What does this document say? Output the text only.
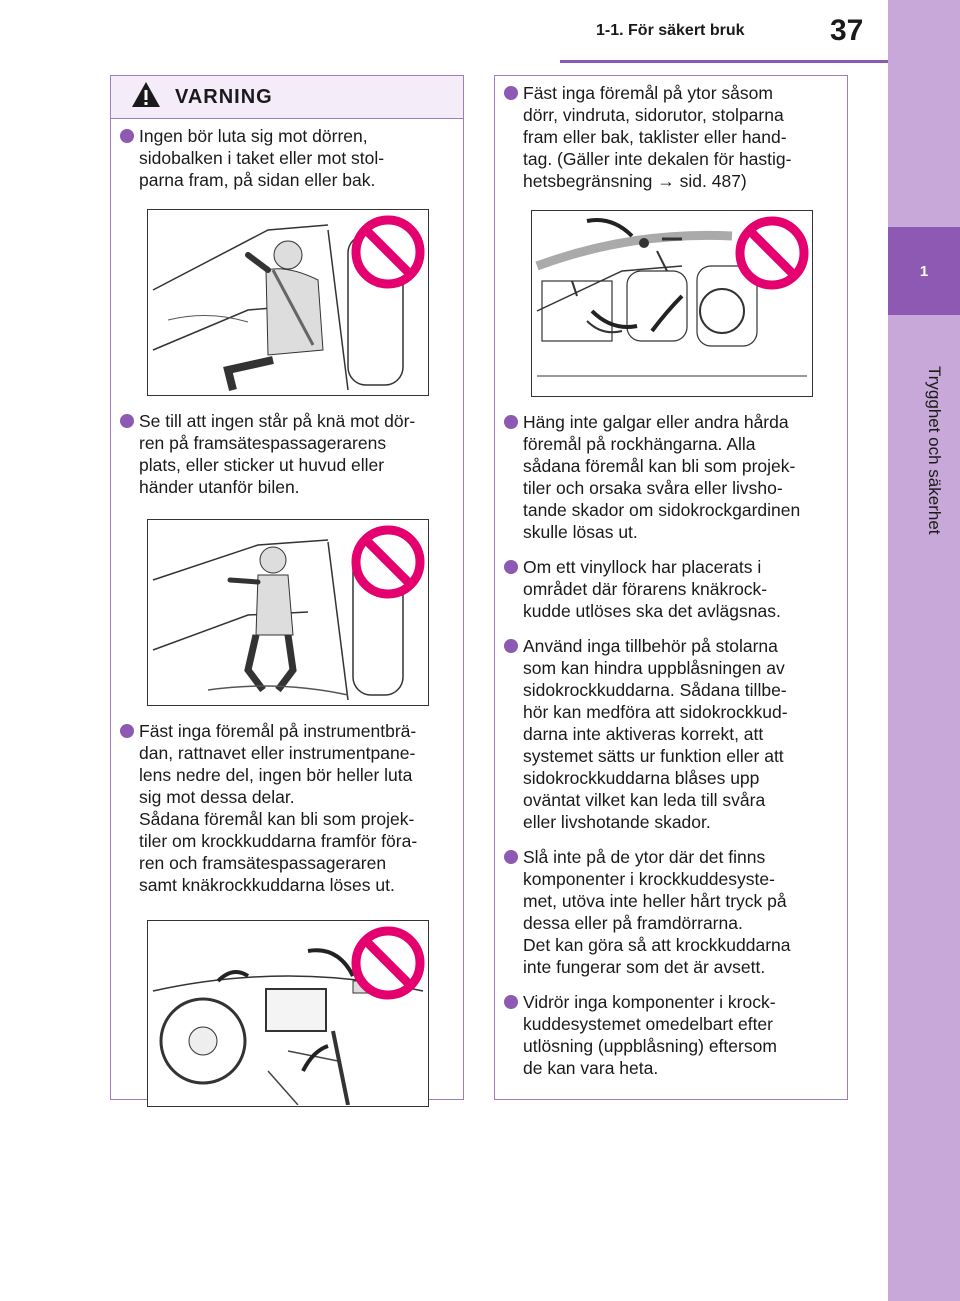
1
Trygghet och säkerhet
1-1. För säkert bruk	37
VARNING
Ingen bör luta sig mot dörren,
sidobalken i taket eller mot stol-
parna fram, på sidan eller bak.
Se till att ingen står på knä mot dör-
ren på framsätespassagerarens
plats, eller sticker ut huvud eller
händer utanför bilen.
Fäst inga föremål på instrumentbrä-
dan, rattnavet eller instrumentpane-
lens nedre del, ingen bör heller luta
sig mot dessa delar.
Sådana föremål kan bli som projek-
tiler om krockkuddarna framför föra-
ren och framsätespassageraren
samt knäkrockkuddarna löses ut.
Fäst inga föremål på ytor såsom
dörr, vindruta, sidorutor, stolparna
fram eller bak, taklister eller hand-
tag. (Gäller inte dekalen för hastig-
hetsbegränsning → sid. 487)
Häng inte galgar eller andra hårda
föremål på rockhängarna. Alla
sådana föremål kan bli som projek-
tiler och orsaka svåra eller livsho-
tande skador om sidokrockgardinen
skulle lösas ut.
Om ett vinyllock har placerats i
området där förarens knäkrock-
kudde utlöses ska det avlägsnas.
Använd inga tillbehör på stolarna
som kan hindra uppblåsningen av
sidokrockkuddarna. Sådana tillbe-
hör kan medföra att sidokrockkud-
darna inte aktiveras korrekt, att
systemet sätts ur funktion eller att
sidokrockkuddarna blåses upp
oväntat vilket kan leda till svåra
eller livshotande skador.
Slå inte på de ytor där det finns
komponenter i krockkuddesyste-
met, utöva inte heller hårt tryck på
dessa eller på framdörrarna.
Det kan göra så att krockkuddarna
inte fungerar som det är avsett.
Vidrör inga komponenter i krock-
kuddesystemet omedelbart efter
utlösning (uppblåsning) eftersom
de kan vara heta.
